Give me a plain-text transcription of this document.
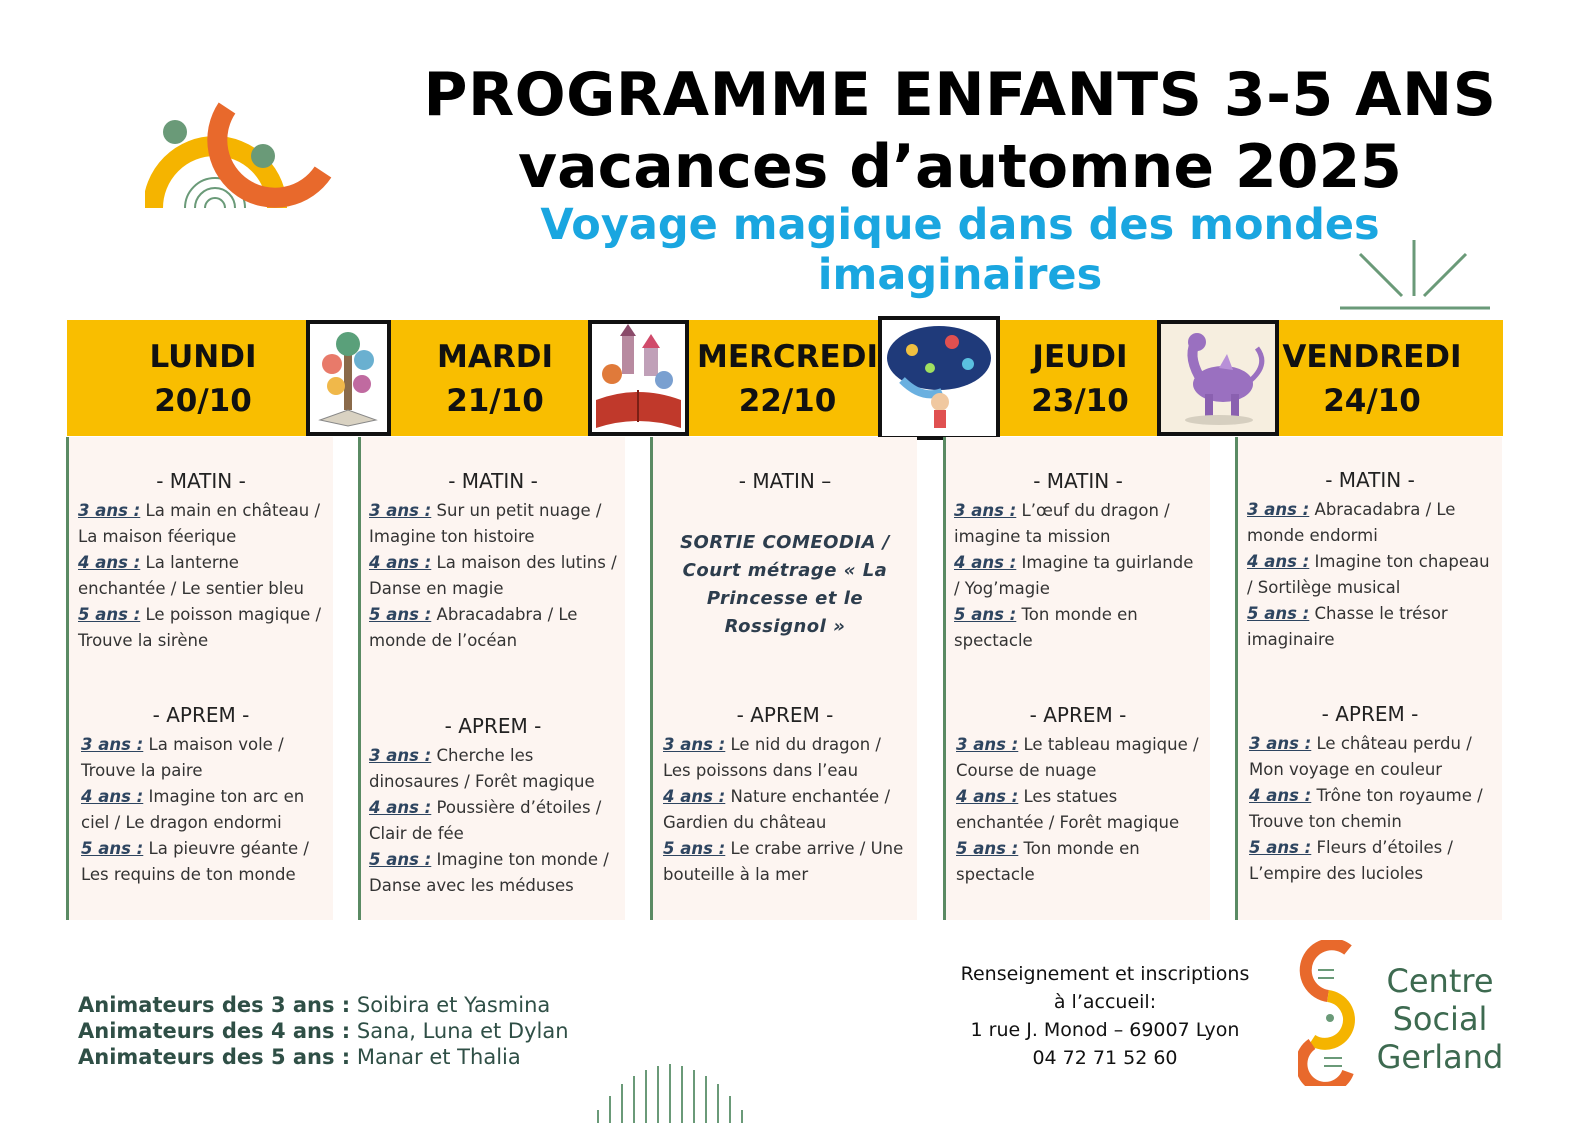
PROGRAMME ENFANTS 3-5 ANS
vacances d’automne 2025
Voyage magique dans des mondes imaginaires
LUNDI
20/10
MARDI
21/10
MERCREDI
22/10
JEUDI
23/10
VENDREDI
24/10
- MATIN -
3 ans : La main en château / La maison féerique
4 ans : La lanterne enchantée / Le sentier bleu
5 ans : Le poisson magique / Trouve la sirène
- APREM -
3 ans : La maison vole / Trouve la paire
4 ans : Imagine ton arc en ciel / Le dragon endormi
5 ans : La pieuvre géante / Les requins de ton monde
- MATIN -
3 ans : Sur un petit nuage / Imagine ton histoire
4 ans : La maison des lutins / Danse en magie
5 ans : Abracadabra / Le monde de l’océan
- APREM -
3 ans : Cherche les dinosaures / Forêt magique
4 ans : Poussière d’étoiles / Clair de fée
5 ans : Imagine ton monde / Danse avec les méduses
- MATIN –
SORTIE COMEODIA / Court métrage « La Princesse et le Rossignol »
- APREM -
3 ans : Le nid du dragon / Les poissons dans l’eau
4 ans : Nature enchantée / Gardien du château
5 ans : Le crabe arrive / Une bouteille à la mer
- MATIN -
3 ans : L’œuf du dragon / imagine ta mission
4 ans : Imagine ta guirlande / Yog’magie
5 ans : Ton monde en spectacle
- APREM -
3 ans : Le tableau magique / Course de nuage
4 ans : Les statues enchantée / Forêt magique
5 ans : Ton monde en spectacle
- MATIN -
3 ans : Abracadabra / Le monde endormi
4 ans : Imagine ton chapeau / Sortilège musical
5 ans : Chasse le trésor imaginaire
- APREM -
3 ans : Le château perdu / Mon voyage en couleur
4 ans : Trône ton royaume / Trouve ton chemin
5 ans : Fleurs d’étoiles / L’empire des lucioles
Animateurs des 3 ans : Soibira et Yasmina
Animateurs des 4 ans : Sana, Luna et Dylan
Animateurs des 5 ans : Manar et Thalia
Renseignement et inscriptions
à l’accueil:
1 rue J. Monod – 69007 Lyon
04 72 71 52 60
Centre
Social
Gerland
